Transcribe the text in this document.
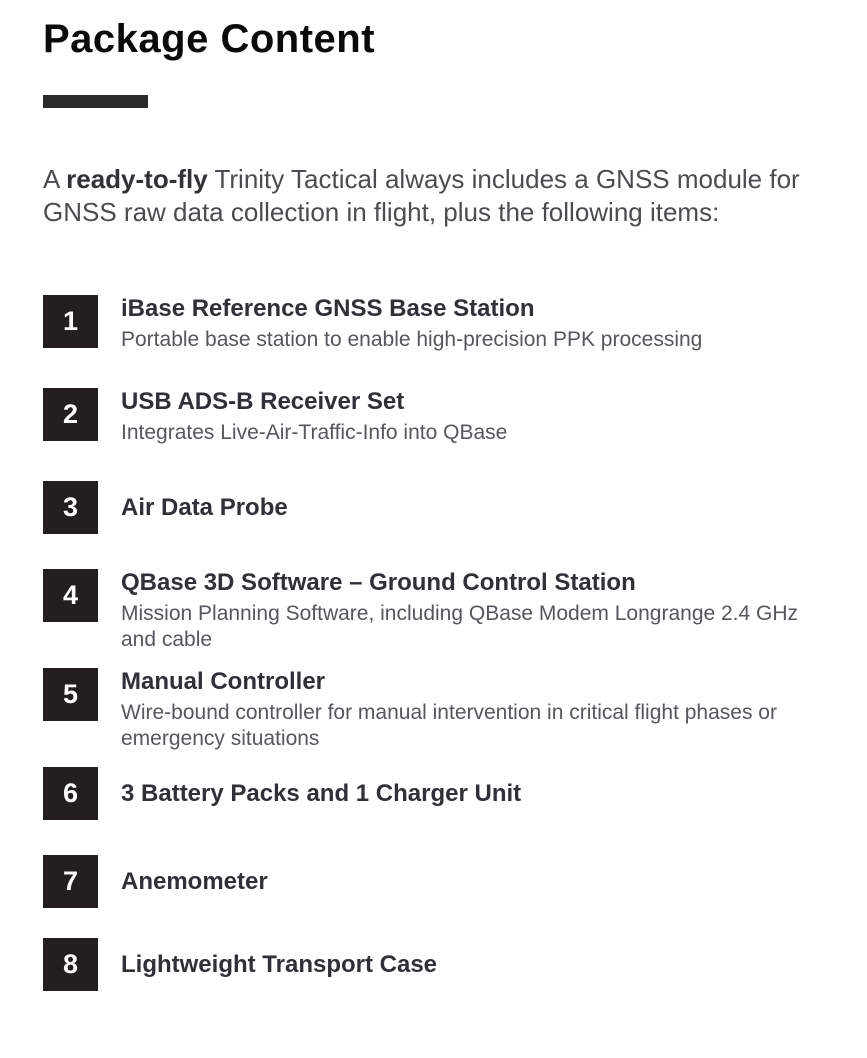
Package Content

A ready-to-fly Trinity Tactical always includes a GNSS module for GNSS raw data collection in flight, plus the following items:

1	iBase Reference GNSS Base Station
Portable base station to enable high-precision PPK processing
2	USB ADS-B Receiver Set
Integrates Live-Air-Traffic-Info into QBase
3	Air Data Probe
4	QBase 3D Software – Ground Control Station
Mission Planning Software, including QBase Modem Longrange 2.4 GHz and cable
5	Manual Controller
Wire-bound controller for manual intervention in critical flight phases or emergency situations
6	3 Battery Packs and 1 Charger Unit
7	Anemometer
8	Lightweight Transport Case
